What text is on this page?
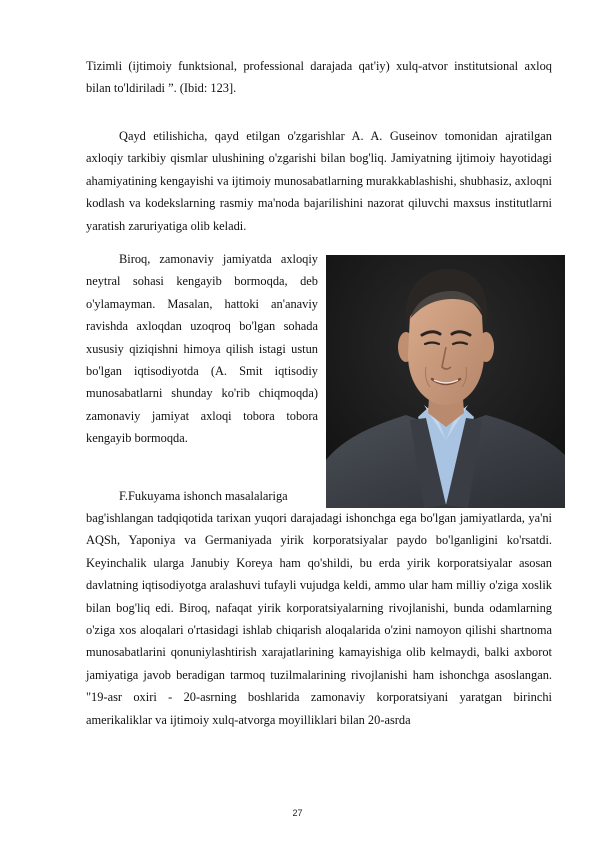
Tizimli (ijtimoiy funktsional, professional darajada qat'iy) xulq-atvor institutsional axloq bilan to'ldiriladi ”. (Ibid: 123].

Qayd etilishicha, qayd etilgan o'zgarishlar A. A. Guseinov tomonidan ajratilgan axloqiy tarkibiy qismlar ulushining o'zgarishi bilan bog'liq. Jamiyatning ijtimoiy hayotidagi ahamiyatining kengayishi va ijtimoiy munosabatlarning murakkablashishi, shubhasiz, axloqni kodlash va kodekslarning rasmiy ma'noda bajarilishini nazorat qiluvchi maxsus institutlarni yaratish zaruriyatiga olib keladi.

Biroq, zamonaviy jamiyatda axloqiy neytral sohasi kengayib bormoqda, deb o'ylamayman. Masalan, hattoki an'anaviy ravishda axloqdan uzoqroq bo'lgan sohada xususiy qiziqishni himoya qilish istagi ustun bo'lgan iqtisodiyotda (A. Smit iqtisodiy munosabatlarni shunday ko'rib chiqmoqda) zamonaviy jamiyat axloqi tobora tobora kengayib bormoqda.

F.Fukuyama ishonch masalalariga

bag'ishlangan tadqiqotida tarixan yuqori darajadagi ishonchga ega bo'lgan jamiyatlarda, ya'ni AQSh, Yaponiya va Germaniyada yirik korporatsiyalar paydo bo'lganligini ko'rsatdi. Keyinchalik ularga Janubiy Koreya ham qo'shildi, bu erda yirik korporatsiyalar asosan davlatning iqtisodiyotga aralashuvi tufayli vujudga keldi, ammo ular ham milliy o'ziga xoslik bilan bog'liq edi. Biroq, nafaqat yirik korporatsiyalarning rivojlanishi, bunda odamlarning o'ziga xos aloqalari o'rtasidagi ishlab chiqarish aloqalarida o'zini namoyon qilishi shartnoma munosabatlarini qonuniylashtirish xarajatlarining kamayishiga olib kelmaydi, balki axborot jamiyatiga javob beradigan tarmoq tuzilmalarining rivojlanishi ham ishonchga asoslangan. "19-asr oxiri - 20-asrning boshlarida zamonaviy korporatsiyani yaratgan birinchi amerikaliklar va ijtimoiy xulq-atvorga moyilliklari bilan 20-asrda

27
